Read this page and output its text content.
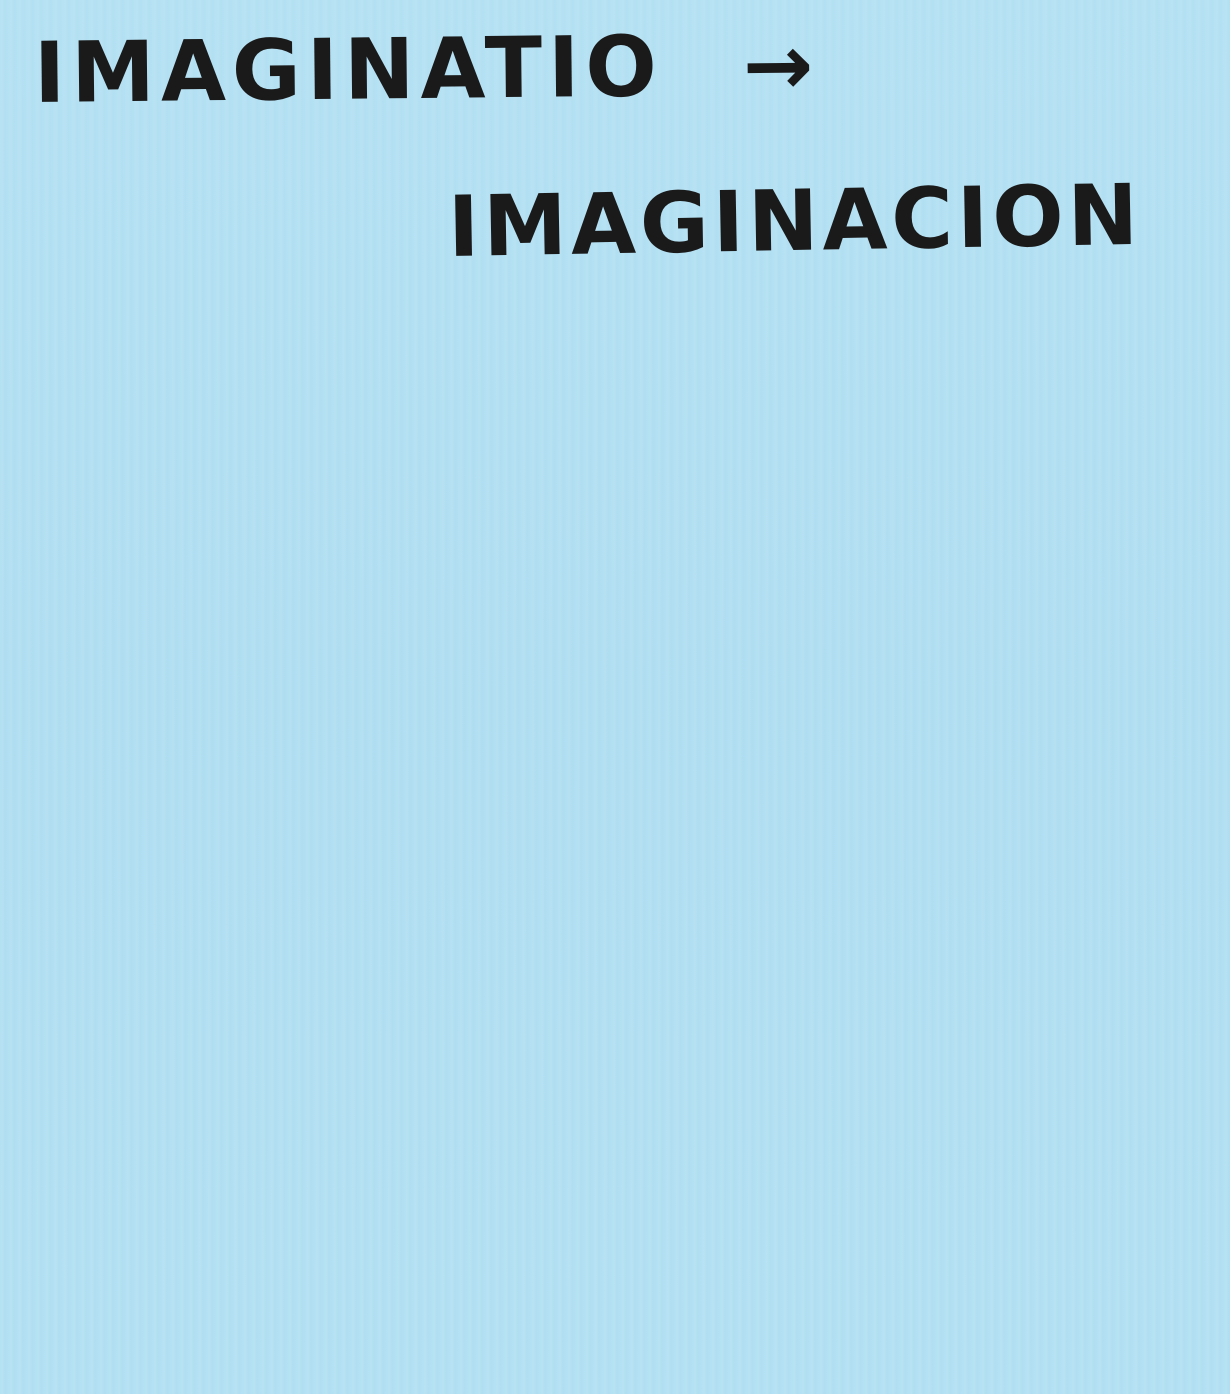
IMAGINATIO →

IMAGINACION
